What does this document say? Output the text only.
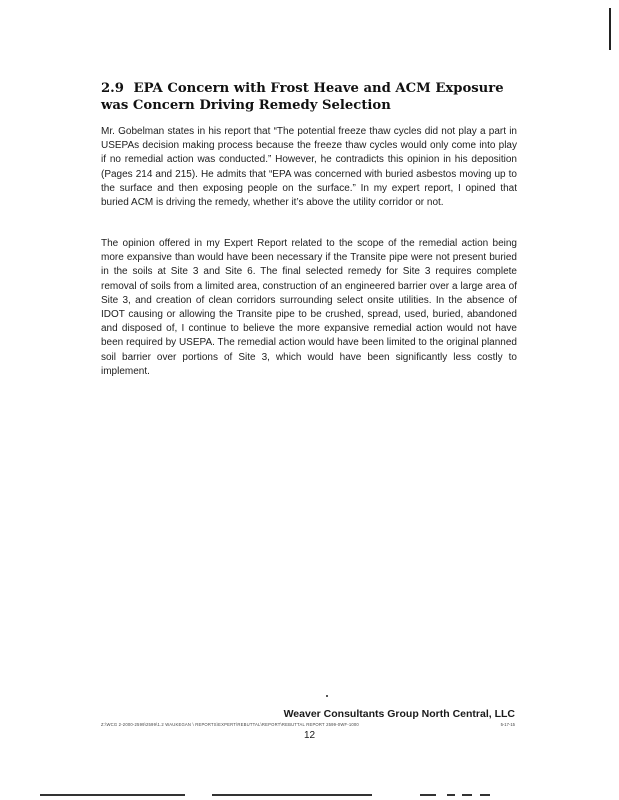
2.9 EPA Concern with Frost Heave and ACM Exposure was Concern Driving Remedy Selection
Mr. Gobelman states in his report that “The potential freeze thaw cycles did not play a part in USEPAs decision making process because the freeze thaw cycles would only come into play if no remedial action was conducted.” However, he contradicts this opinion in his deposition (Pages 214 and 215). He admits that “EPA was concerned with buried asbestos moving up to the surface and then exposing people on the surface.” In my expert report, I opined that buried ACM is driving the remedy, whether it’s above the utility corridor or not.
The opinion offered in my Expert Report related to the scope of the remedial action being more expansive than would have been necessary if the Transite pipe were not present buried in the soils at Site 3 and Site 6. The final selected remedy for Site 3 requires complete removal of soils from a limited area, construction of an engineered barrier over a large area of Site 3, and creation of clean corridors surrounding select onsite utilities. In the absence of IDOT causing or allowing the Transite pipe to be crushed, spread, used, buried, abandoned and disposed of, I continue to believe the more expansive remedial action would not have been required by USEPA. The remedial action would have been limited to the original planned soil barrier over portions of Site 3, which would have been significantly less costly to implement.
Weaver Consultants Group North Central, LLC
Z:\WCG 2-2000-2599\2599\1.2 WAUKEGAN \ REPORTS\EXPERT\REBUTTAL\REPORT\REBUTTAL REPORT 2599-0WF-1000	5-17-15
12
